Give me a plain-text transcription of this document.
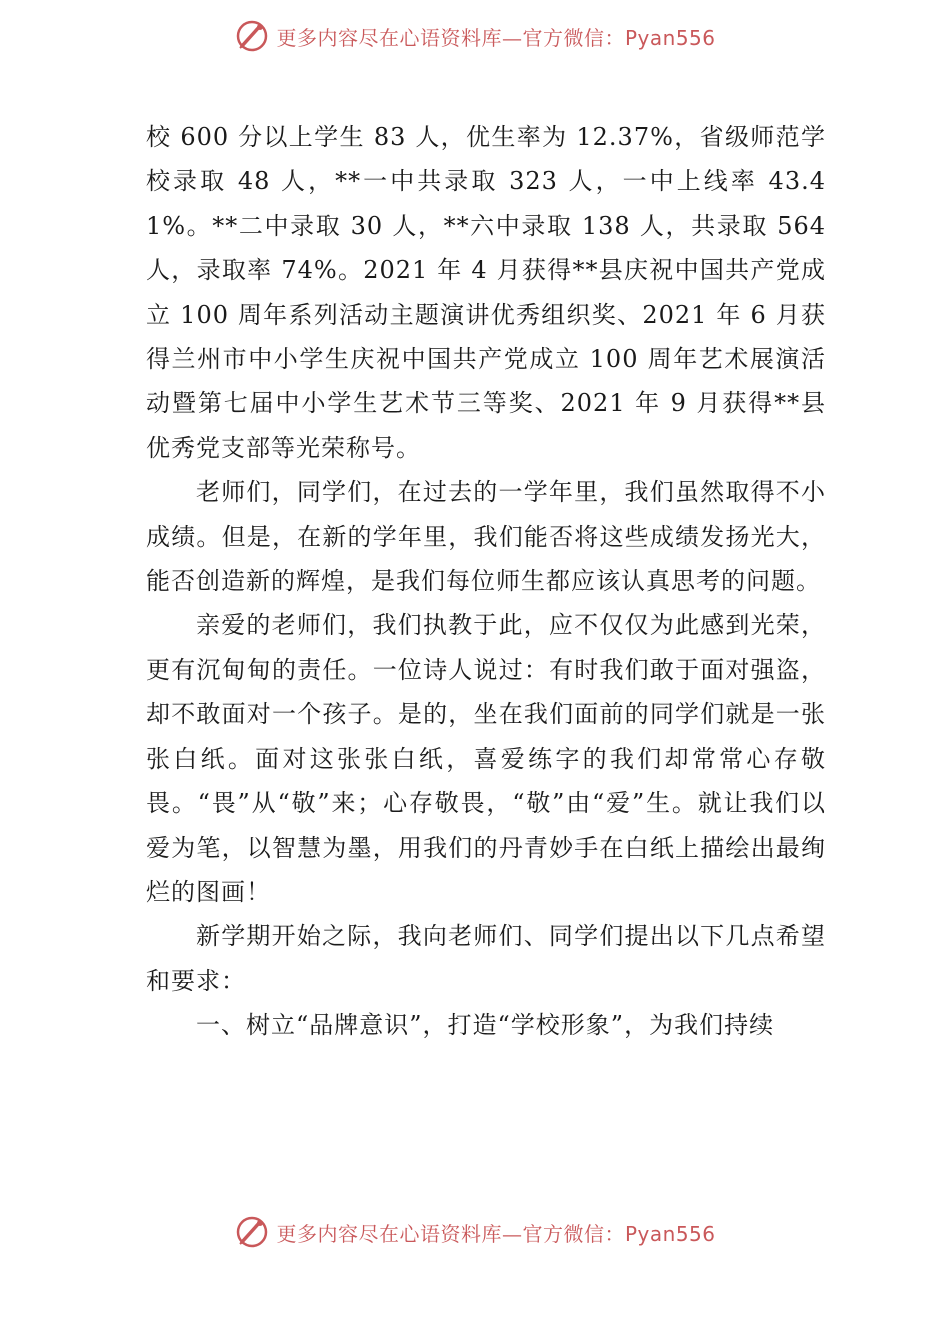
更多内容尽在心语资料库—官方微信：Pyan556

校 600 分以上学生 83 人，优生率为 12.37%，省级师范学校录取 48 人，**一中共录取 323 人，一中上线率 43.41%。**二中录取 30 人，**六中录取 138 人，共录取 564 人，录取率 74%。2021 年 4 月获得**县庆祝中国共产党成立 100 周年系列活动主题演讲优秀组织奖、2021 年 6 月获得兰州市中小学生庆祝中国共产党成立 100 周年艺术展演活动暨第七届中小学生艺术节三等奖、2021 年 9 月获得**县优秀党支部等光荣称号。

老师们，同学们，在过去的一学年里，我们虽然取得不小成绩。但是，在新的学年里，我们能否将这些成绩发扬光大，能否创造新的辉煌，是我们每位师生都应该认真思考的问题。

亲爱的老师们，我们执教于此，应不仅仅为此感到光荣，更有沉甸甸的责任。一位诗人说过：有时我们敢于面对强盗，却不敢面对一个孩子。是的，坐在我们面前的同学们就是一张张白纸。面对这张张白纸，喜爱练字的我们却常常心存敬畏。“畏”从“敬”来；心存敬畏，“敬”由“爱”生。就让我们以爱为笔，以智慧为墨，用我们的丹青妙手在白纸上描绘出最绚烂的图画！

新学期开始之际，我向老师们、同学们提出以下几点希望和要求：

一、树立“品牌意识”，打造“学校形象”，为我们持续

更多内容尽在心语资料库—官方微信：Pyan556
